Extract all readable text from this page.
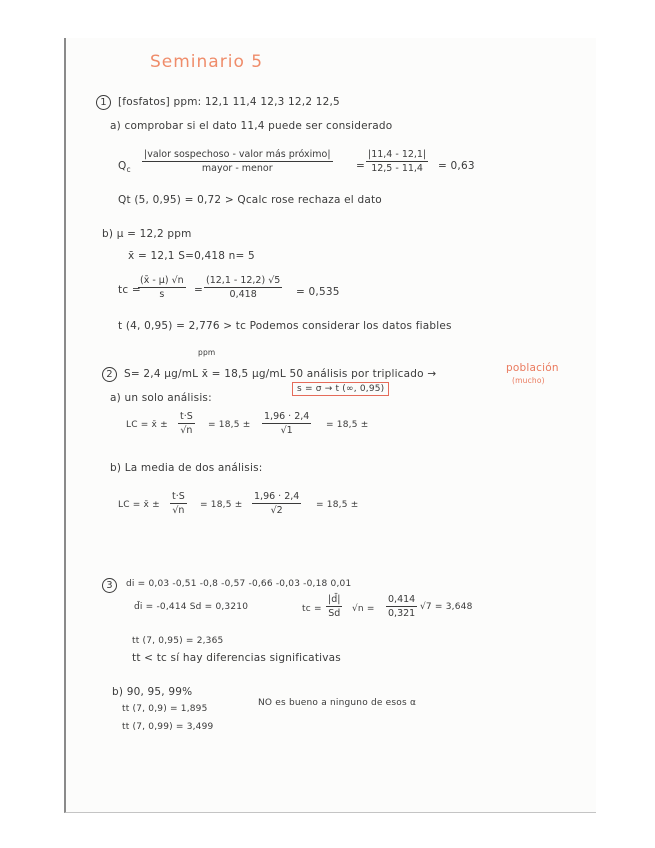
Seminario 5
1	[fosfatos] ppm: 12,1 11,4 12,3 12,2 12,5
a) comprobar si el dato 11,4 puede ser considerado
$Q_c$
|valor sospechoso - valor más próximo|
mayor - menor	= $\frac{|11,4 - 12,1|}{12,5 - 11,4} = 0,63$
Qt (5, 0,95) = 0,72 > Qcalc rose rechaza el dato
b) μ = 12,2 ppm
x̄ = 12,1 S=0,418 n= 5
tc =
$\frac{(x̄ - \mu) √n}{s} = \frac{(12,1 - 12,2) √5}{0,418} = 0,535$
t (4, 0,95) = 2,776 > tc Podemos considerar los datos fiables
ppm
2	S= 2,4 μg/mL x̄ = 18,5 μg/mL 50 análisis por triplicado →	población
(mucho)
a) un solo análisis:
s = σ → t (∞, 0,95)
LC = x̄ ± $\frac{t\cdot S}{√n} = 18,5 \pm \frac{1,96 \cdot 2,4}{√1} = 18,5$ ±
b) La media de dos análisis:
LC = x̄ ± $\frac{t\cdot S}{√n} = 18,5 \pm \frac{1,96 \cdot 2,4}{√2} = 18,5$ ±
3	di = 0,03 -0,51 -0,8 -0,57 -0,66 -0,03 -0,18 0,01
d̄i = -0,414 Sd = 0,3210	tc = $\frac{|d̄|}{Sd} √n = \frac{0,414}{0,321} √7 = 3,648$
tt (7, 0,95) = 2,365
tt < tc sí hay diferencias significativas
b) 90, 95, 99%
tt (7, 0,9) = 1,895
tt (7, 0,99) = 3,499
NO es bueno a ninguno de esos α
